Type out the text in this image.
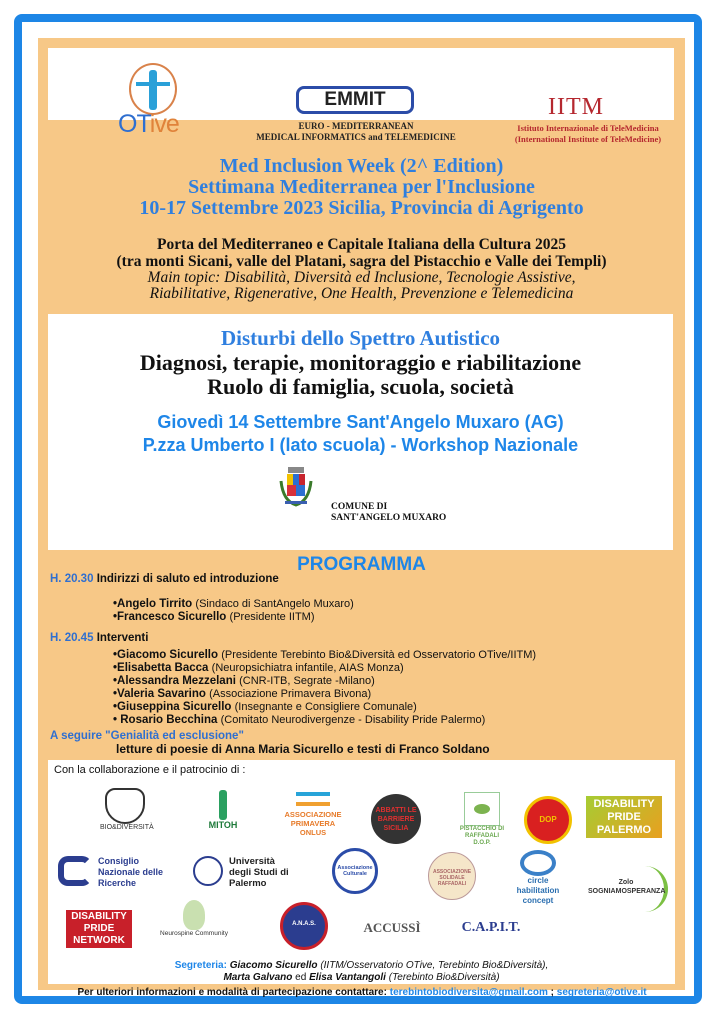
OTive
EMMIT
EURO - MEDITERRANEAN
MEDICAL INFORMATICS and TELEMEDICINE
IITM
Istituto Internazionale di TeleMedicina
(International Institute of TeleMedicine)
Med Inclusion Week (2^ Edition)
Settimana Mediterranea per l'Inclusione
10-17 Settembre 2023 Sicilia, Provincia di Agrigento
Porta del Mediterraneo e Capitale Italiana della Cultura 2025
(tra monti Sicani, valle del Platani, sagra del Pistacchio e Valle dei Templi)
Main topic: Disabilità, Diversità ed Inclusione, Tecnologie Assistive,
Riabilitative, Rigenerative, One Health, Prevenzione e Telemedicina
Disturbi dello Spettro Autistico
Diagnosi, terapie, monitoraggio e riabilitazione
Ruolo di famiglia, scuola, società
Giovedì 14 Settembre Sant'Angelo Muxaro (AG)
P.zza Umberto I (lato scuola) - Workshop Nazionale
COMUNE DI
SANT'ANGELO MUXARO
PROGRAMMA
H. 20.30 Indirizzi di saluto ed introduzione
•Angelo Tirrito (Sindaco di SantAngelo Muxaro)
•Francesco Sicurello (Presidente IITM)
H. 20.45 Interventi
•Giacomo Sicurello (Presidente Terebinto Bio&Diversità ed Osservatorio OTive/IITM)
•Elisabetta Bacca (Neuropsichiatra infantile, AIAS Monza)
•Alessandra Mezzelani (CNR-ITB, Segrate -Milano)
•Valeria Savarino (Associazione Primavera Bivona)
•Giuseppina Sicurello (Insegnante e Consigliere Comunale)
• Rosario Becchina (Comitato Neurodivergenze - Disability Pride Palermo)
A seguire "Genialità ed esclusione"
letture di poesie di Anna Maria Sicurello e testi di Franco Soldano
Con la collaborazione e il patrocinio di :
BIO&DIVERSITÀ	MITOH
ASSOCIAZIONE PRIMAVERA ONLUS
ABBATTI LE BARRIERE SICILIA	PISTACCHIO DI RAFFADALI D.O.P.
DOP
DISABILITY PRIDE PALERMO
Consiglio Nazionale delle Ricerche
Università degli Studi di Palermo
Associazione Culturale	ASSOCIAZIONE SOLIDALE RAFFADALI	circle habilitation concept
Zolo SOGNIAMOSPERANZA
DISABILITY PRIDE NETWORK
Neurospine Community
A.N.A.S.	ACCUSSÌ	C.A.P.I.T.
Segreteria: Giacomo Sicurello (IITM/Osservatorio OTive, Terebinto Bio&Diversità),
Marta Galvano ed Elisa Vantangoli (Terebinto Bio&Diversità)
Per ulteriori informazioni e modalità di partecipazione contattare: terebintobiodiversita@gmail.com ; segreteria@otive.it
